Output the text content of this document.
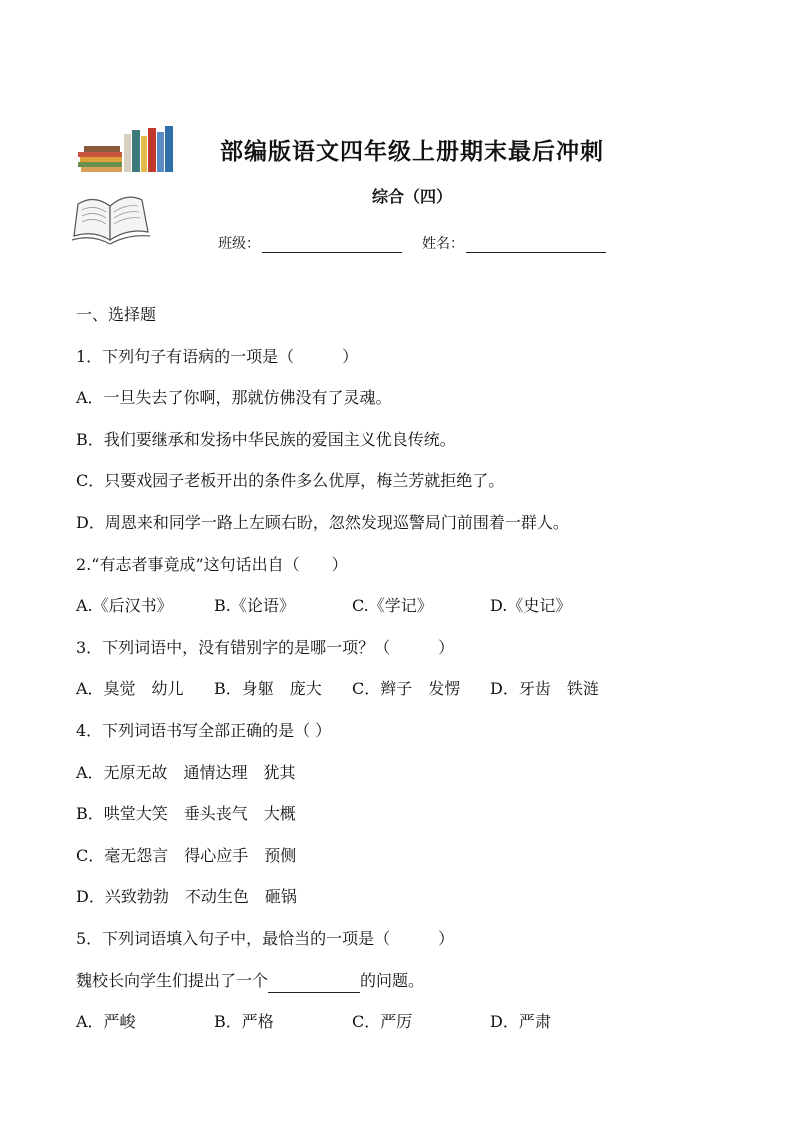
部编版语文四年级上册期末最后冲刺
综合（四）
班级：	姓名：
一、选择题
1．下列句子有语病的一项是（　　　）
A．一旦失去了你啊，那就仿佛没有了灵魂。
B．我们要继承和发扬中华民族的爱国主义优良传统。
C．只要戏园子老板开出的条件多么优厚，梅兰芳就拒绝了。
D．周恩来和同学一路上左顾右盼，忽然发现巡警局门前围着一群人。
2.“有志者事竟成”这句话出自（　　）
A.《后汉书》	B.《论语》	C.《学记》	D.《史记》
3．下列词语中，没有错别字的是哪一项？（　　　）
A．臭觉　幼儿	B．身躯　庞大	C．辫子　发愣	D．牙齿　铁涟
4．下列词语书写全部正确的是（ ）
A．无原无故　通情达理　犹其
B．哄堂大笑　垂头丧气　大概
C．毫无怨言　得心应手　预侧
D．兴致勃勃　不动生色　砸锅
5．下列词语填入句子中，最恰当的一项是（　　　）
魏校长向学生们提出了一个	的问题。
A．严峻	B．严格	C．严厉	D．严肃
